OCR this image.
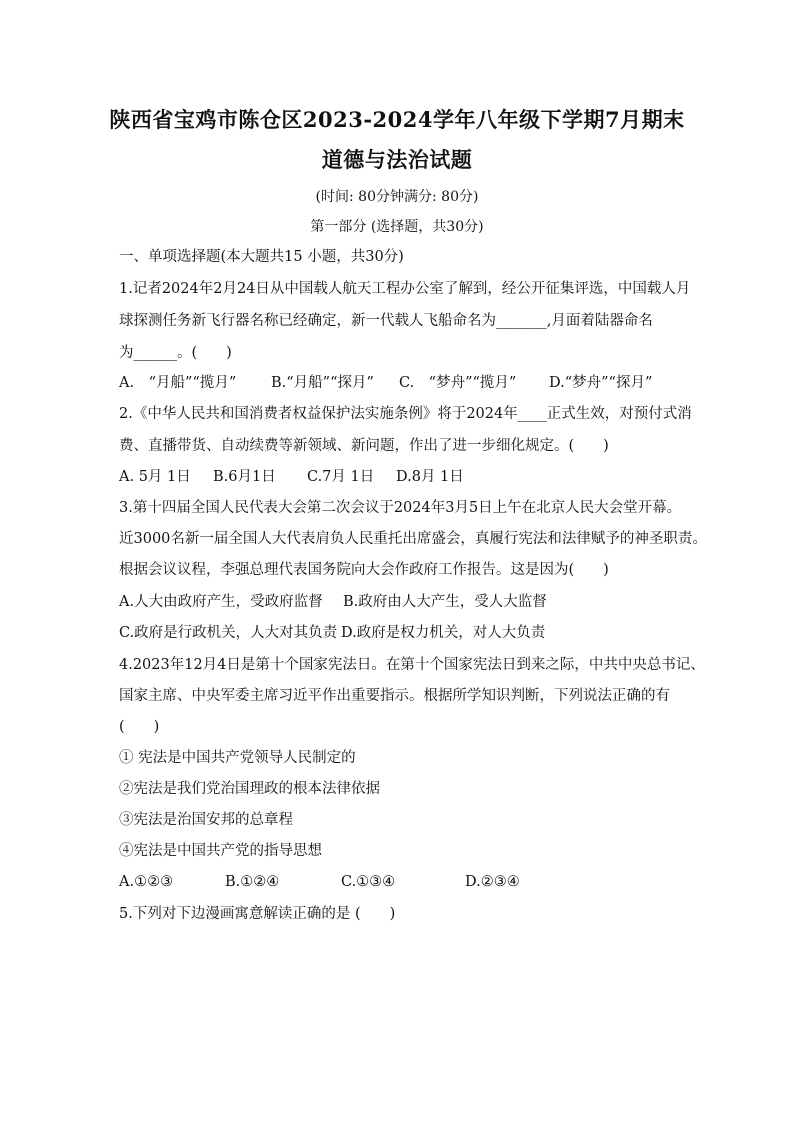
陕西省宝鸡市陈仓区2023-2024学年八年级下学期7月期末
道德与法治试题
(时间: 80分钟满分: 80分)
第一部分 (选择题，共30分)
一、单项选择题(本大题共15 小题，共30分)
1.记者2024年2月24日从中国载人航天工程办公室了解到，经公开征集评选，中国载人月
球探测任务新飞行器名称已经确定，新一代载人飞船命名为_______,月面着陆器命名
为______。(　　)
A.　“月船”“揽月” B.“月船”“探月” C.　“梦舟”“揽月” D.“梦舟”“探月”
2.《中华人民共和国消费者权益保护法实施条例》将于2024年____正式生效，对预付式消
费、直播带货、自动续费等新领域、新问题，作出了进一步细化规定。(　　)
A. 5月 1日 B.6月1日 C.7月 1日 D.8月 1日
3.第十四届全国人民代表大会第二次会议于2024年3月5日上午在北京人民大会堂开幕。
近3000名新一届全国人大代表肩负人民重托出席盛会，真履行宪法和法律赋予的神圣职责。
根据会议议程，李强总理代表国务院向大会作政府工作报告。这是因为(　　)
A.人大由政府产生，受政府监督 B.政府由人大产生，受人大监督
C.政府是行政机关，人大对其负责 D.政府是权力机关，对人大负责
4.2023年12月4日是第十个国家宪法日。在第十个国家宪法日到来之际，中共中央总书记、
国家主席、中央军委主席习近平作出重要指示。根据所学知识判断，下列说法正确的有
(　　)
① 宪法是中国共产党领导人民制定的
②宪法是我们党治国理政的根本法律依据
③宪法是治国安邦的总章程
④宪法是中国共产党的指导思想
A.①②③	B.①②④	C.①③④	D.②③④
5.下列对下边漫画寓意解读正确的是 (　　)
